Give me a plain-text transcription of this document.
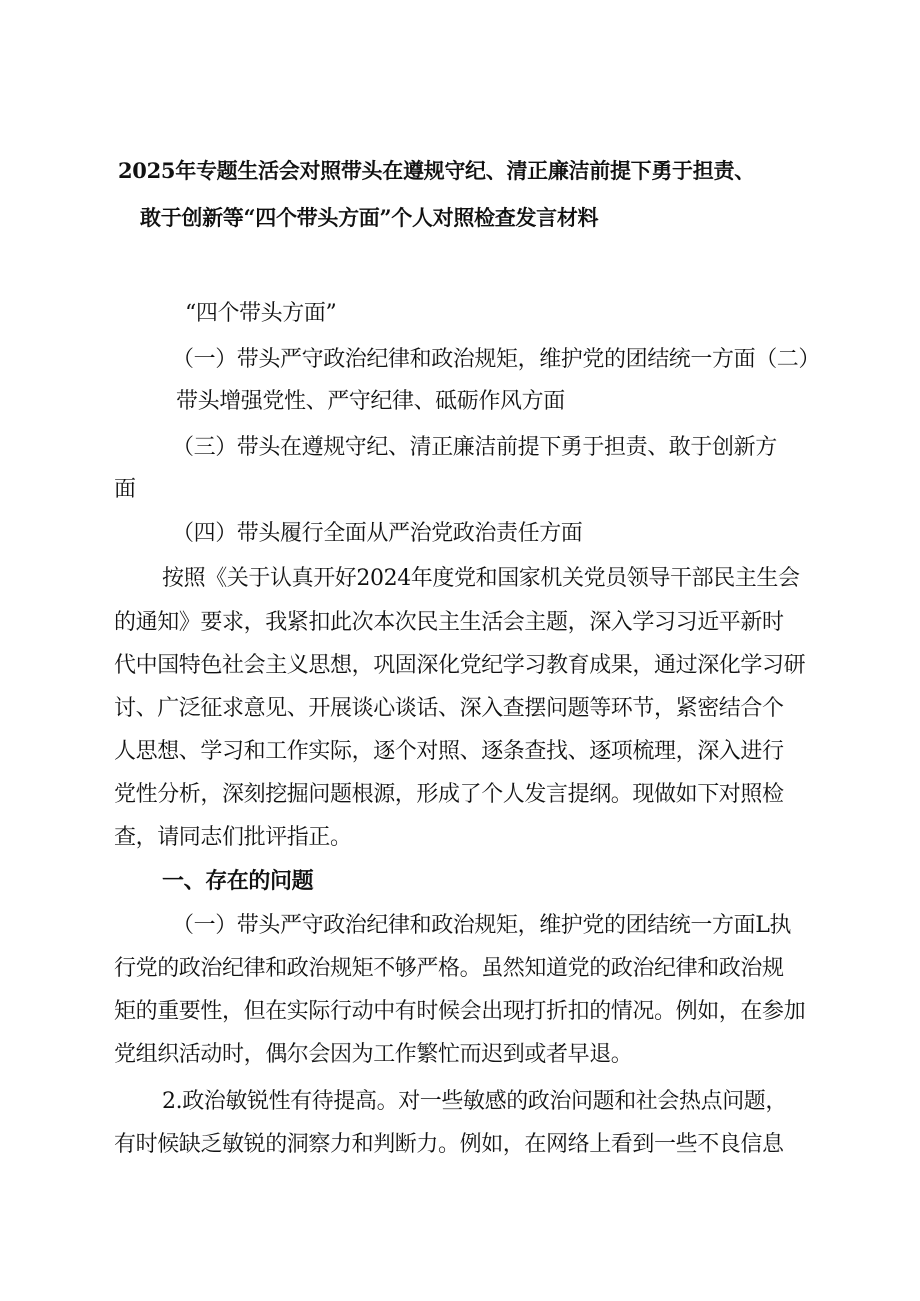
2025年专题生活会对照带头在遵规守纪、清正廉洁前提下勇于担责、
敢于创新等“四个带头方面”个人对照检查发言材料
“四个带头方面”
（一）带头严守政治纪律和政治规矩，维护党的团结统一方面（二）
带头增强党性、严守纪律、砥砺作风方面
（三）带头在遵规守纪、清正廉洁前提下勇于担责、敢于创新方
面
（四）带头履行全面从严治党政治责任方面
按照《关于认真开好2024年度党和国家机关党员领导干部民主生会
的通知》要求，我紧扣此次本次民主生活会主题，深入学习习近平新时
代中国特色社会主义思想，巩固深化党纪学习教育成果，通过深化学习研
讨、广泛征求意见、开展谈心谈话、深入查摆问题等环节，紧密结合个
人思想、学习和工作实际，逐个对照、逐条查找、逐项梳理，深入进行
党性分析，深刻挖掘问题根源，形成了个人发言提纲。现做如下对照检
查，请同志们批评指正。
一、存在的问题
（一）带头严守政治纪律和政治规矩，维护党的团结统一方面L执
行党的政治纪律和政治规矩不够严格。虽然知道党的政治纪律和政治规
矩的重要性，但在实际行动中有时候会出现打折扣的情况。例如，在参加
党组织活动时，偶尔会因为工作繁忙而迟到或者早退。
2.政治敏锐性有待提高。对一些敏感的政治问题和社会热点问题，
有时候缺乏敏锐的洞察力和判断力。例如，在网络上看到一些不良信息
